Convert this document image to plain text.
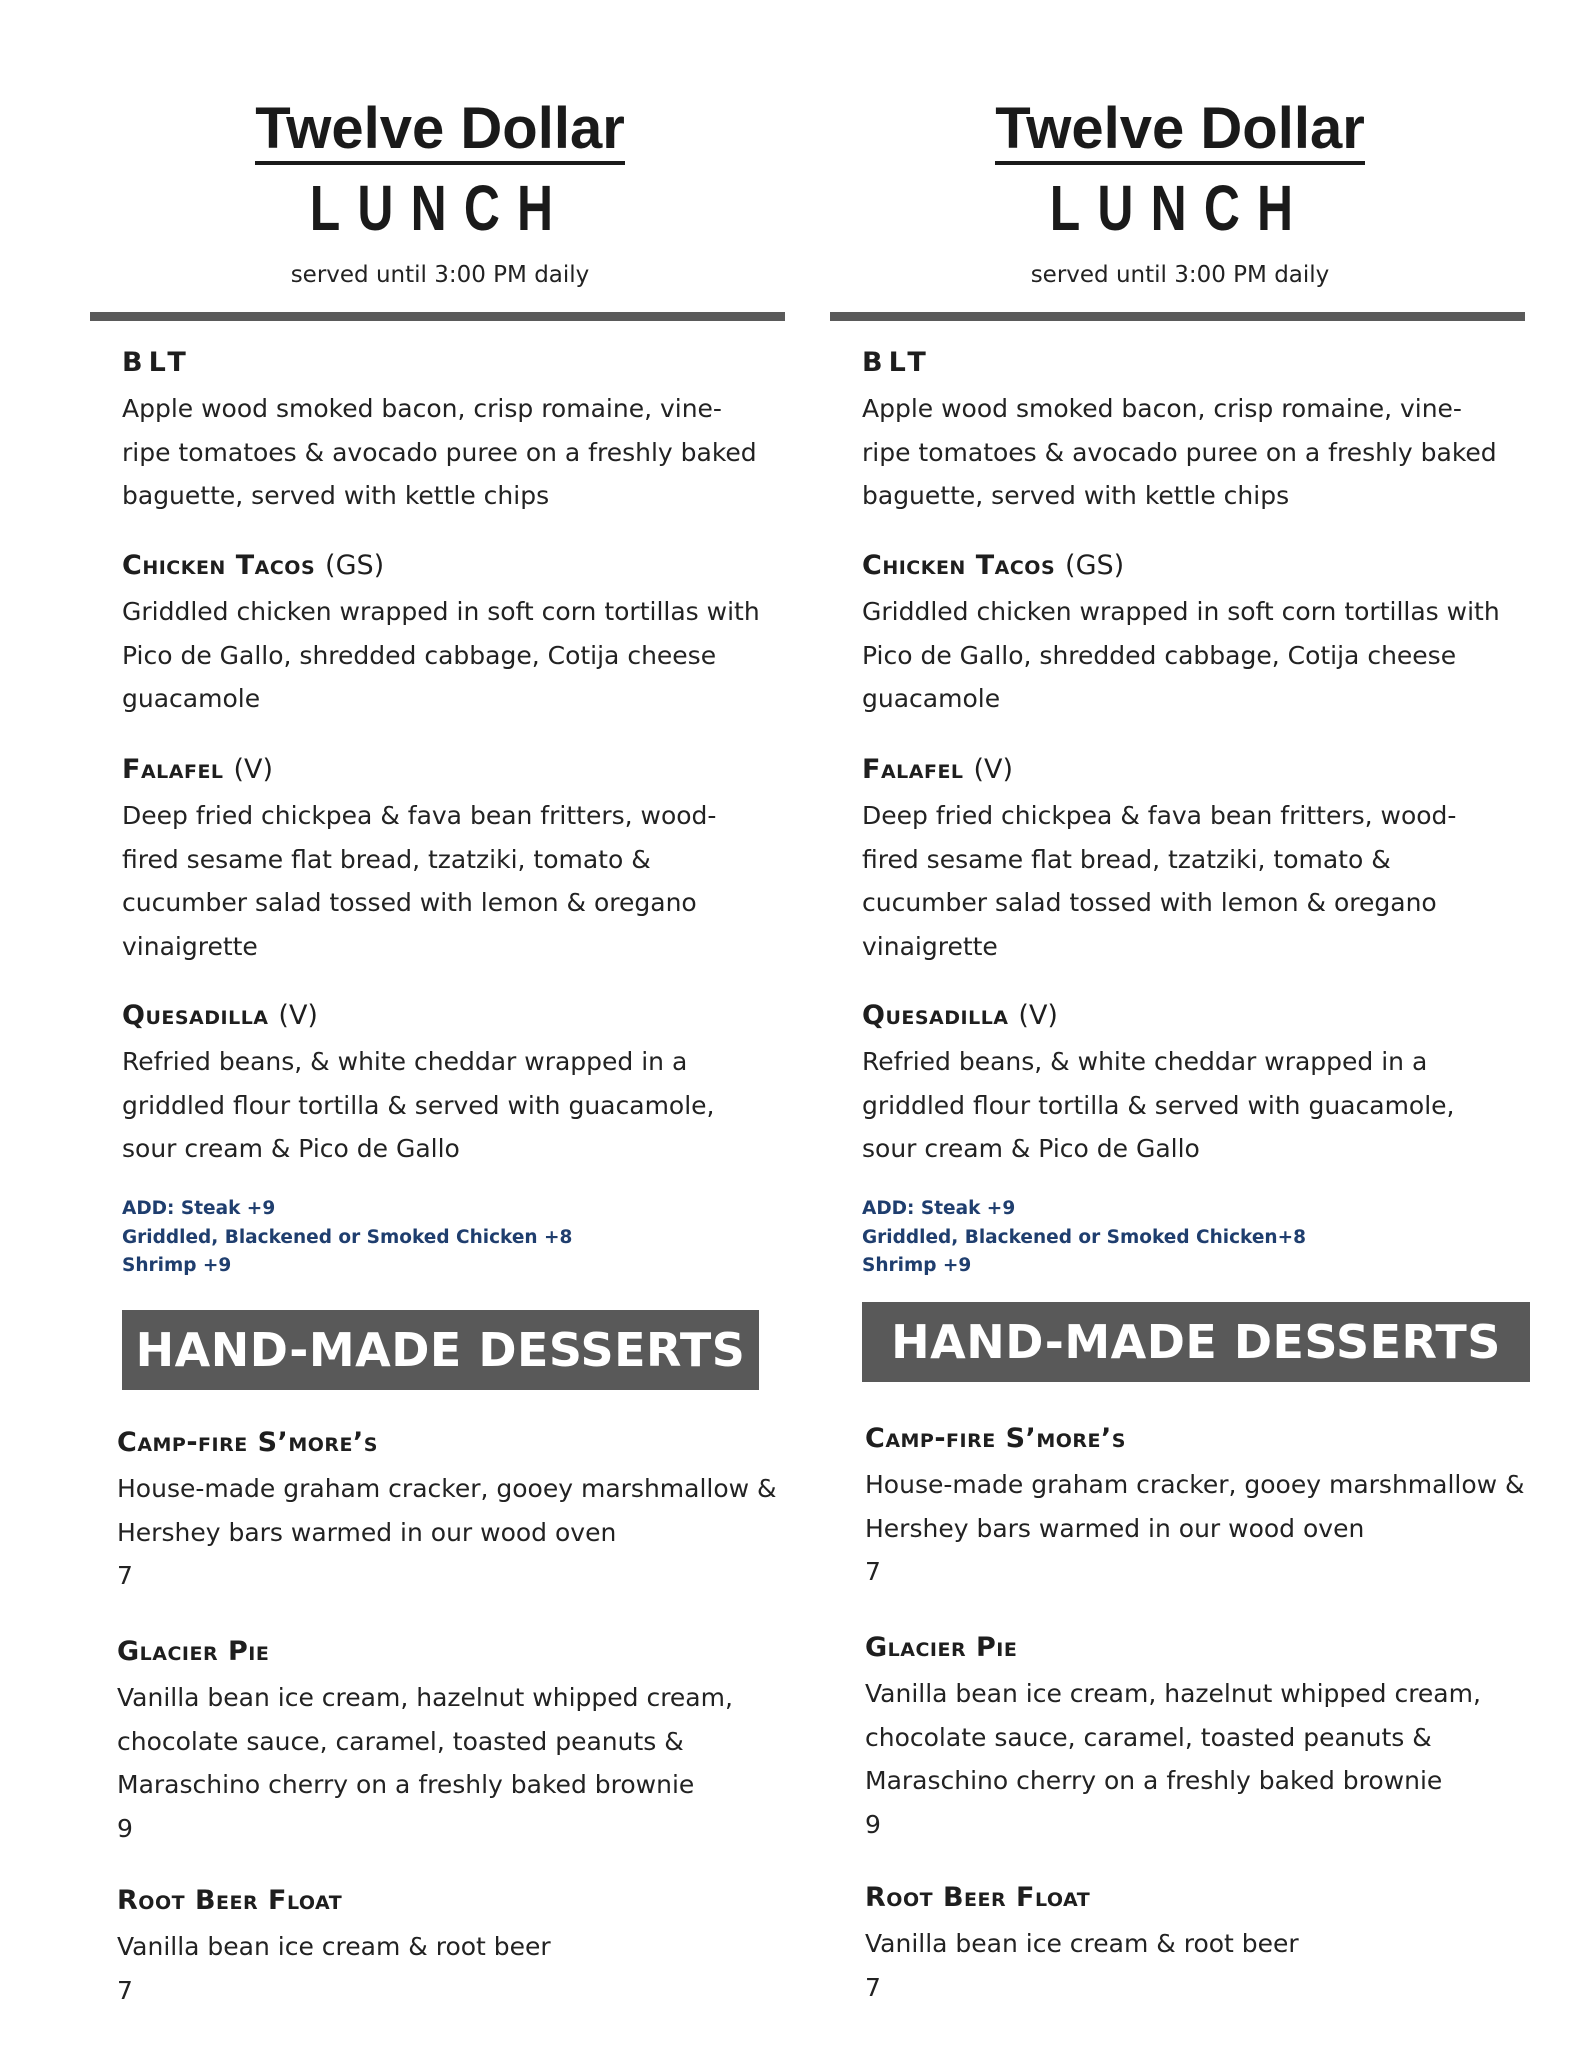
Twelve Dollar
LUNCH
served until 3:00 PM daily
BLT
Apple wood smoked bacon, crisp romaine, vine-ripe tomatoes & avocado puree on a freshly baked baguette, served with kettle chips
Chicken Tacos (GS)
Griddled chicken wrapped in soft corn tortillas with Pico de Gallo, shredded cabbage, Cotija cheese guacamole
Falafel (V)
Deep fried chickpea & fava bean fritters, wood-fired sesame flat bread, tzatziki, tomato & cucumber salad tossed with lemon & oregano vinaigrette
Quesadilla (V)
Refried beans, & white cheddar wrapped in a griddled flour tortilla & served with guacamole, sour cream & Pico de Gallo
ADD: Steak +9
Griddled, Blackened or Smoked Chicken +8
Shrimp +9
HAND-MADE DESSERTS
Camp-fire S’more’s
House-made graham cracker, gooey marshmallow & Hershey bars warmed in our wood oven
7
Glacier Pie
Vanilla bean ice cream, hazelnut whipped cream, chocolate sauce, caramel, toasted peanuts & Maraschino cherry on a freshly baked brownie
9
Root Beer Float
Vanilla bean ice cream & root beer
7
Twelve Dollar
LUNCH
served until 3:00 PM daily
BLT
Apple wood smoked bacon, crisp romaine, vine-ripe tomatoes & avocado puree on a freshly baked baguette, served with kettle chips
Chicken Tacos (GS)
Griddled chicken wrapped in soft corn tortillas with Pico de Gallo, shredded cabbage, Cotija cheese guacamole
Falafel (V)
Deep fried chickpea & fava bean fritters, wood-fired sesame flat bread, tzatziki, tomato & cucumber salad tossed with lemon & oregano vinaigrette
Quesadilla (V)
Refried beans, & white cheddar wrapped in a griddled flour tortilla & served with guacamole, sour cream & Pico de Gallo
ADD: Steak +9
Griddled, Blackened or Smoked Chicken+8
Shrimp +9
HAND-MADE DESSERTS
Camp-fire S’more’s
House-made graham cracker, gooey marshmallow & Hershey bars warmed in our wood oven
7
Glacier Pie
Vanilla bean ice cream, hazelnut whipped cream, chocolate sauce, caramel, toasted peanuts & Maraschino cherry on a freshly baked brownie
9
Root Beer Float
Vanilla bean ice cream & root beer
7
